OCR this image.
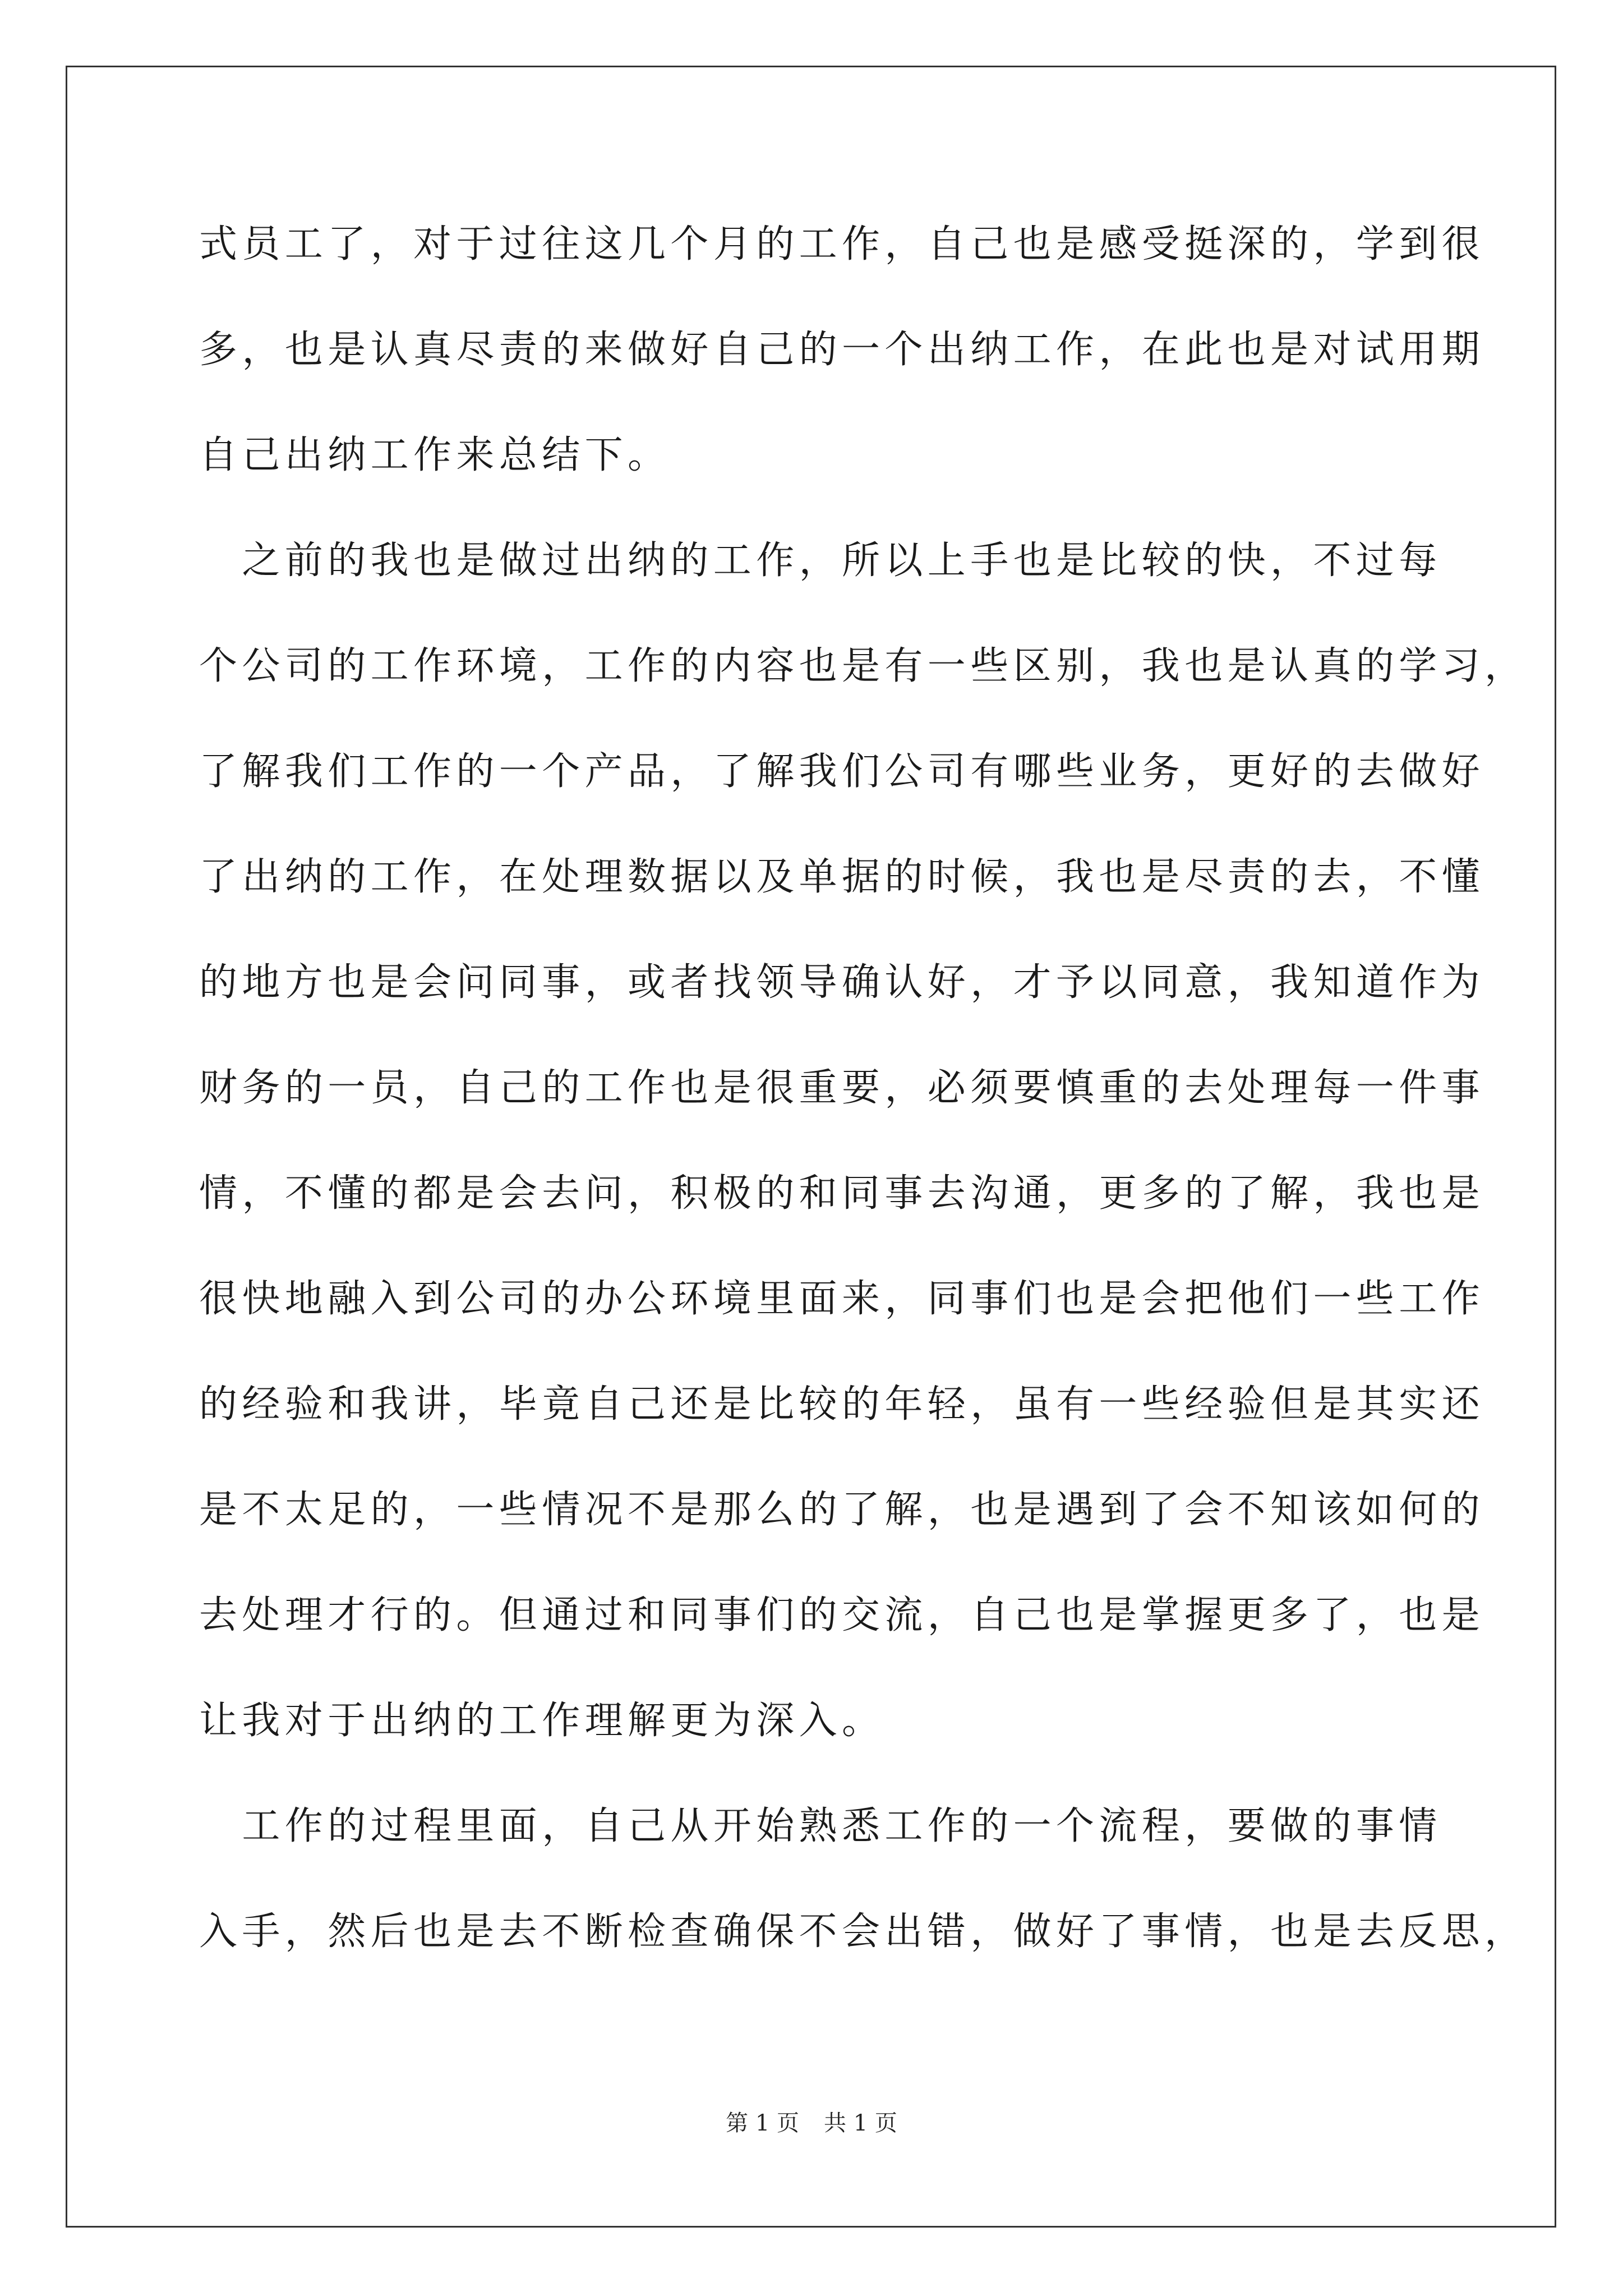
式员工了，对于过往这几个月的工作，自己也是感受挺深的，学到很
多，也是认真尽责的来做好自己的一个出纳工作，在此也是对试用期
自己出纳工作来总结下。
　之前的我也是做过出纳的工作，所以上手也是比较的快，不过每
个公司的工作环境，工作的内容也是有一些区别，我也是认真的学习，
了解我们工作的一个产品，了解我们公司有哪些业务，更好的去做好
了出纳的工作，在处理数据以及单据的时候，我也是尽责的去，不懂
的地方也是会问同事，或者找领导确认好，才予以同意，我知道作为
财务的一员，自己的工作也是很重要，必须要慎重的去处理每一件事
情，不懂的都是会去问，积极的和同事去沟通，更多的了解，我也是
很快地融入到公司的办公环境里面来，同事们也是会把他们一些工作
的经验和我讲，毕竟自己还是比较的年轻，虽有一些经验但是其实还
是不太足的，一些情况不是那么的了解，也是遇到了会不知该如何的
去处理才行的。但通过和同事们的交流，自己也是掌握更多了，也是
让我对于出纳的工作理解更为深入。
　工作的过程里面，自己从开始熟悉工作的一个流程，要做的事情
入手，然后也是去不断检查确保不会出错，做好了事情，也是去反思，
第 1 页 共 1 页
